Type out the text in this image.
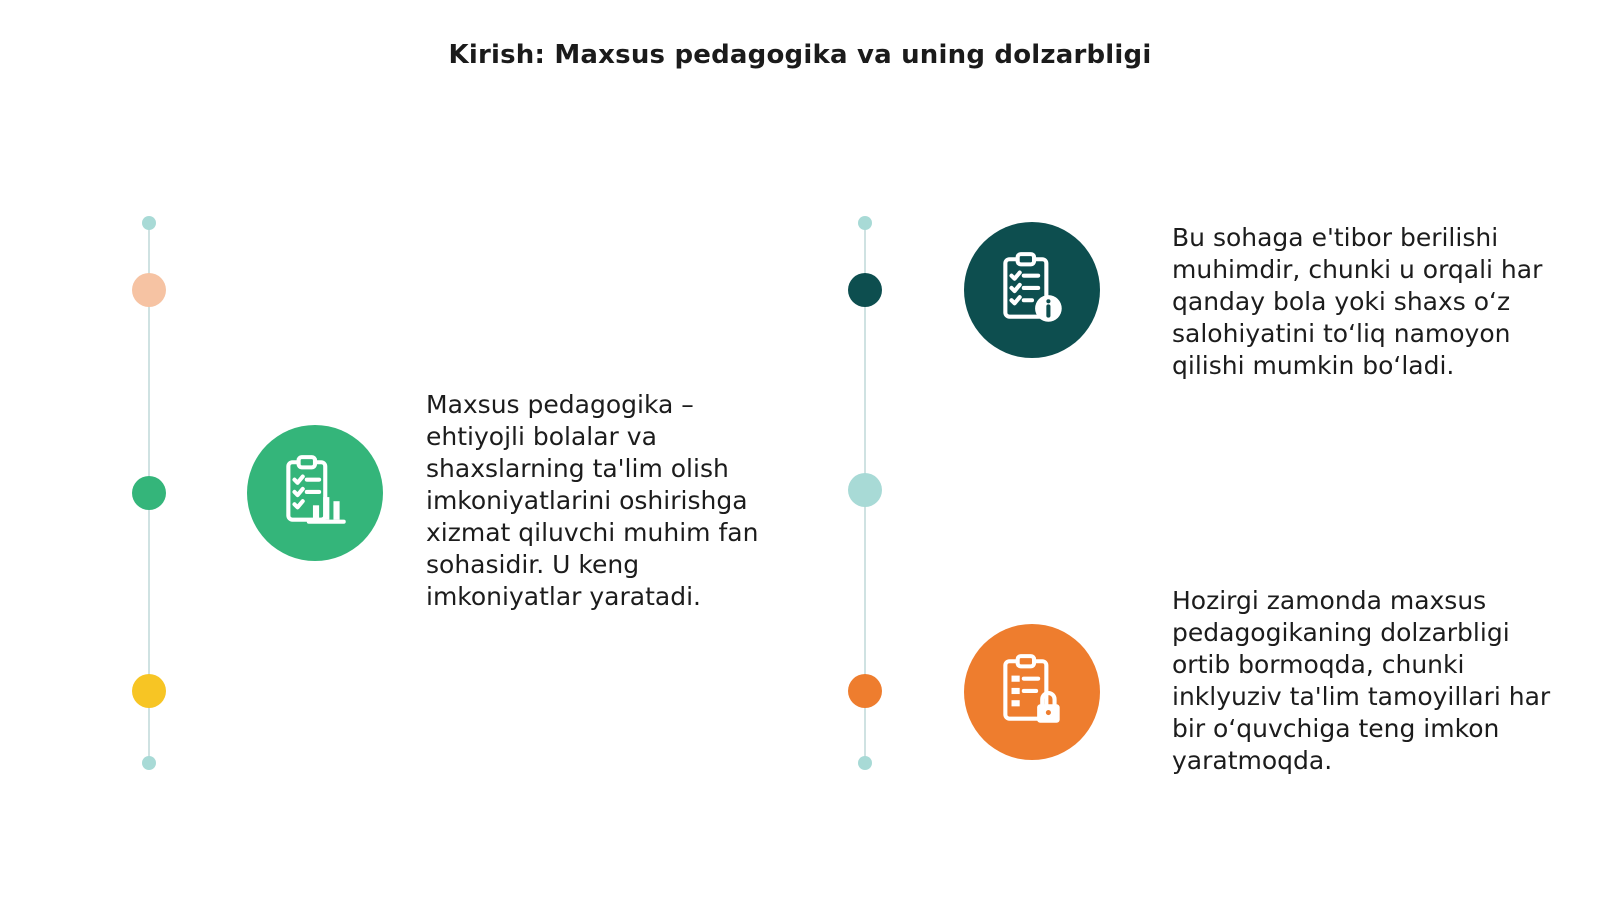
Kirish: Maxsus pedagogika va uning dolzarbligi
Maxsus pedagogika – ehtiyojli bolalar va shaxslarning ta'lim olish imkoniyatlarini oshirishga xizmat qiluvchi muhim fan sohasidir. U keng imkoniyatlar yaratadi.
Bu sohaga e'tibor berilishi muhimdir, chunki u orqali har qanday bola yoki shaxs oʻz salohiyatini toʻliq namoyon qilishi mumkin boʻladi.
Hozirgi zamonda maxsus pedagogikaning dolzarbligi ortib bormoqda, chunki inklyuziv ta'lim tamoyillari har bir oʻquvchiga teng imkon yaratmoqda.
